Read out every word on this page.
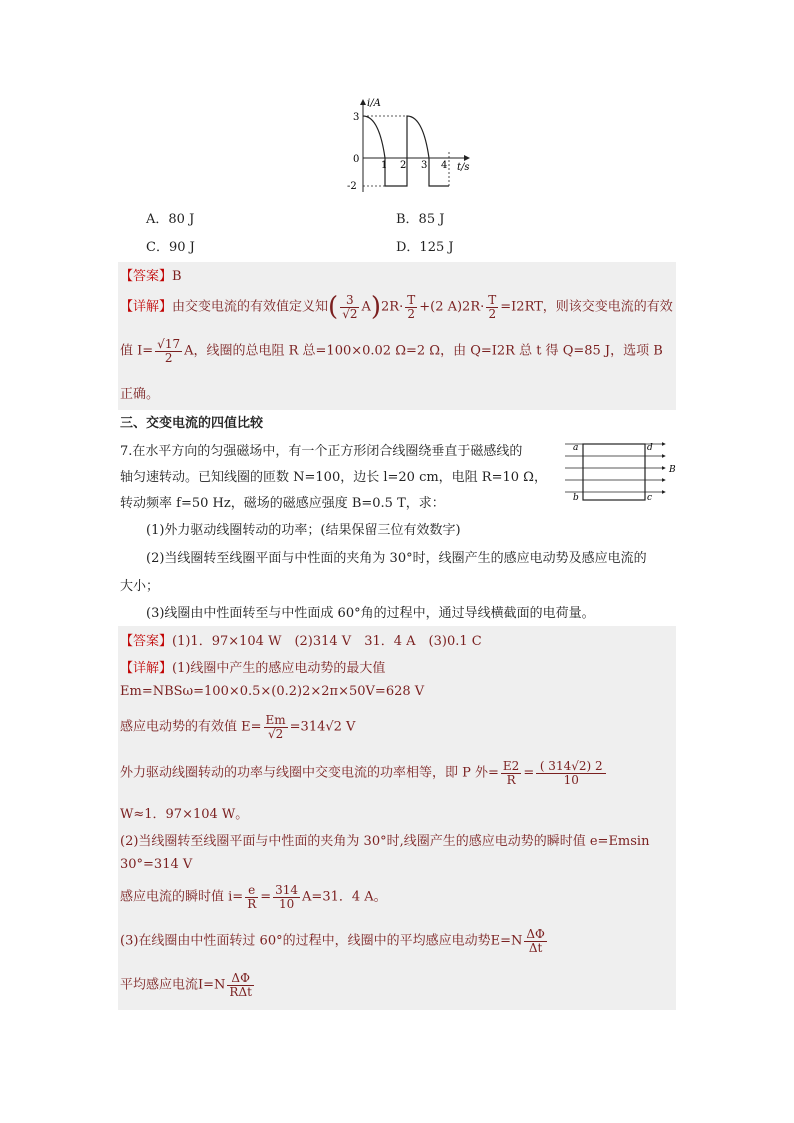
i/A
t/s
3
0
-2
1 2 3 4
A．80 J	B．85 J
C．90 J	D．125 J
【答案】B
【详解】由交变电流的有效值定义知( $\frac{3}{√2} A)2R\cdot \frac{T}{2} +(2$ $A)2R\cdot \frac{T}{2} =I2RT$，则该交变电流的有效
值 $I= \frac{√17}{2}$ A，线圈的总电阻 R 总=100×0.02 Ω=2 Ω，由 Q=I2R 总 t 得 Q=85 J，选项 B
正确。
三、交变电流的四值比较
7.在水平方向的匀强磁场中，有一个正方形闭合线圈绕垂直于磁感线的
轴匀速转动。已知线圈的匝数 N=100，边长 l=20 cm，电阻 R=10 Ω，
转动频率 f=50 Hz，磁场的磁感应强度 B=0.5 T，求：
(1)外力驱动线圈转动的功率；(结果保留三位有效数字)
(2)当线圈转至线圈平面与中性面的夹角为 30°时，线圈产生的感应电动势及感应电流的
大小；
(3)线圈由中性面转至与中性面成 60°角的过程中，通过导线横截面的电荷量。
a	d
b	c
B
【答案】(1)1．97×104 W　(2)314 V　31．4 A　(3)0.1 C
【详解】(1)线圈中产生的感应电动势的最大值
Em=NBSω=100×0.5×(0.2)2×2π×50V=628 V
感应电动势的有效值 $E= \frac{Em}{√2} =314√2$ V
外力驱动线圈转动的功率与线圈中交变电流的功率相等，即 P 外= $\frac{E2}{R} = \frac{( 314√2) 2}{10}$
W≈1．97×104 W。
(2)当线圈转至线圈平面与中性面的夹角为 30°时,线圈产生的感应电动势的瞬时值 e=Emsin
30°=314 V
感应电流的瞬时值 $i= \frac{e}{R} = \frac{314}{10} A=31$．4 A。
(3)在线圈由中性面转过 60°的过程中，线圈中的平均感应电动势$E=N \frac{\Delta\Phi}{\Delta t}$
平均感应电流$I=N \frac{\Delta\Phi}{\text{RΔt}}$
